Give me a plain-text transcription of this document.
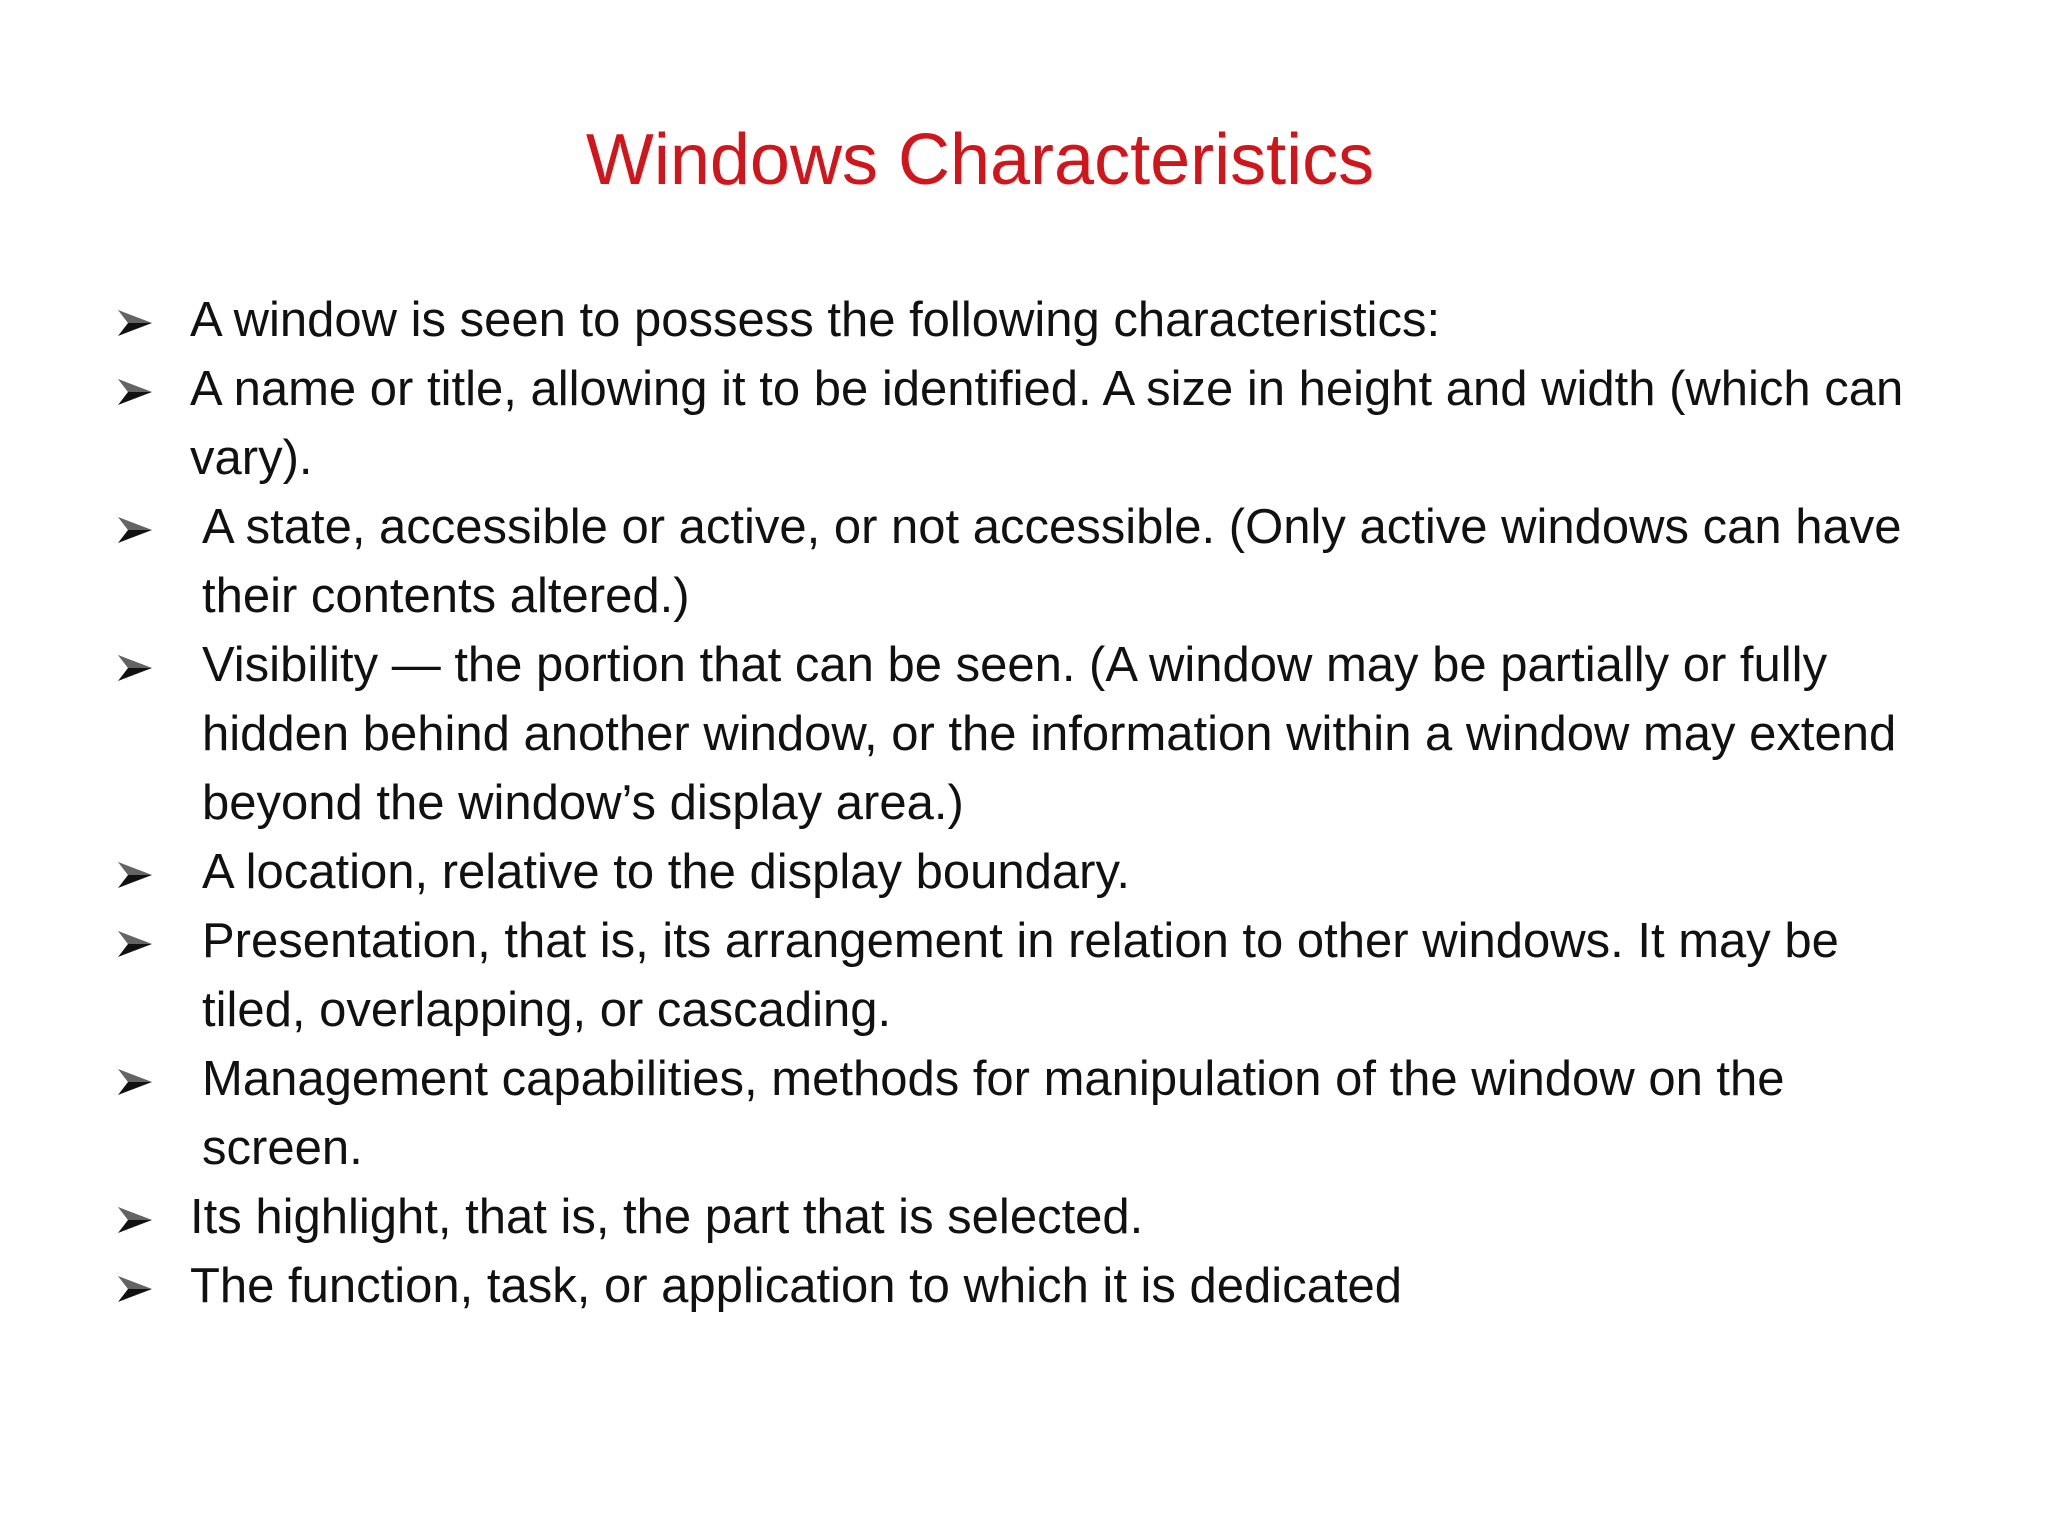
Windows Characteristics
A window is seen to possess the following characteristics:
A name or title, allowing it to be identified. A size in height and width (which can vary).
A state, accessible or active, or not accessible. (Only active windows can have their contents altered.)
Visibility — the portion that can be seen. (A window may be partially or fully hidden behind another window, or the information within a window may extend beyond the window’s display area.)
A location, relative to the display boundary.
Presentation, that is, its arrangement in relation to other windows. It may be tiled, overlapping, or cascading.
Management capabilities, methods for manipulation of the window on the screen.
Its highlight, that is, the part that is selected.
The function, task, or application to which it is dedicated
